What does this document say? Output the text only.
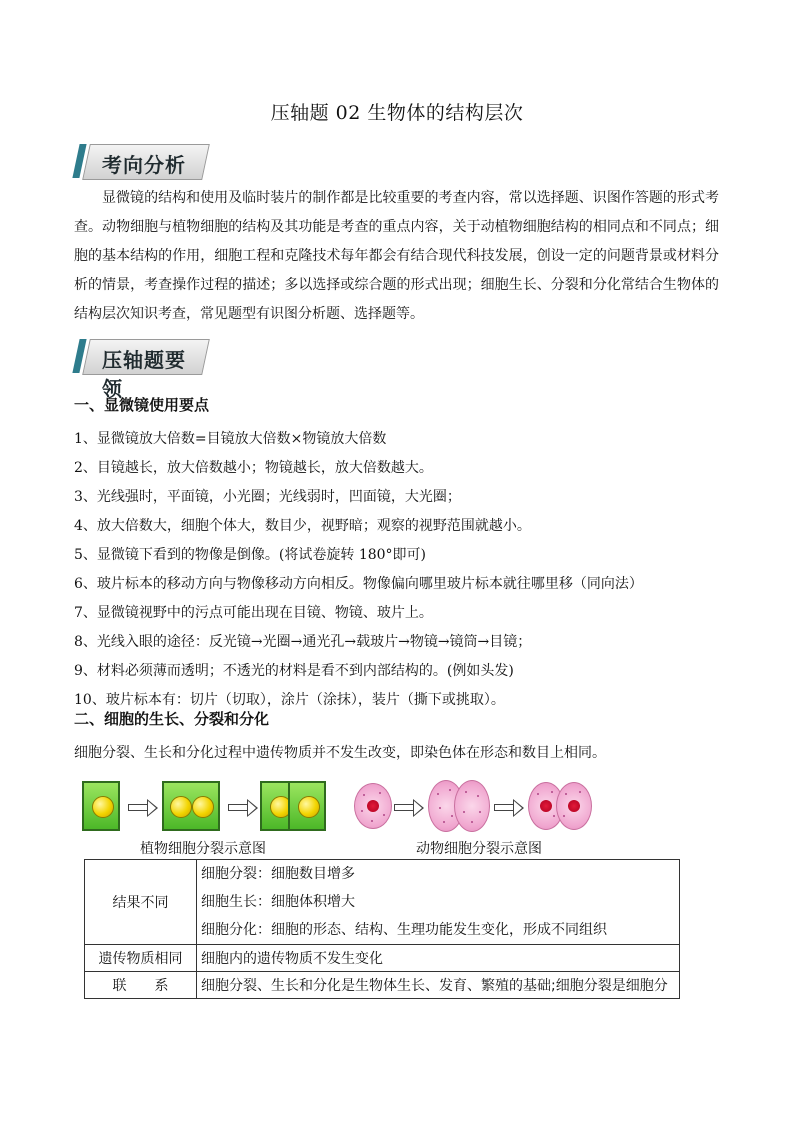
压轴题 02 生物体的结构层次
考向分析
显微镜的结构和使用及临时装片的制作都是比较重要的考查内容，常以选择题、识图作答题的形式考查。动物细胞与植物细胞的结构及其功能是考查的重点内容，关于动植物细胞结构的相同点和不同点；细胞的基本结构的作用，细胞工程和克隆技术每年都会有结合现代科技发展，创设一定的问题背景或材料分析的情景，考查操作过程的描述；多以选择或综合题的形式出现；细胞生长、分裂和分化常结合生物体的结构层次知识考查，常见题型有识图分析题、选择题等。
压轴题要领
一、显微镜使用要点
1、显微镜放大倍数=目镜放大倍数×物镜放大倍数
2、目镜越长，放大倍数越小；物镜越长，放大倍数越大。
3、光线强时，平面镜，小光圈；光线弱时，凹面镜，大光圈；
4、放大倍数大，细胞个体大，数目少，视野暗；观察的视野范围就越小。
5、显微镜下看到的物像是倒像。(将试卷旋转 180°即可)
6、玻片标本的移动方向与物像移动方向相反。物像偏向哪里玻片标本就往哪里移（同向法）
7、显微镜视野中的污点可能出现在目镜、物镜、玻片上。
8、光线入眼的途径：反光镜→光圈→通光孔→载玻片→物镜→镜筒→目镜；
9、材料必须薄而透明；不透光的材料是看不到内部结构的。(例如头发)
10、玻片标本有：切片（切取），涂片（涂抹），装片（撕下或挑取）。
二、细胞的生长、分裂和分化
细胞分裂、生长和分化过程中遗传物质并不发生改变，即染色体在形态和数目上相同。
植物细胞分裂示意图	动物细胞分裂示意图
结果不同	细胞分裂：细胞数目增多
细胞生长：细胞体积增大
细胞分化：细胞的形态、结构、生理功能发生变化，形成不同组织

遗传物质相同	细胞内的遗传物质不发生变化
联　　系	细胞分裂、生长和分化是生物体生长、发育、繁殖的基础;细胞分裂是细胞分
